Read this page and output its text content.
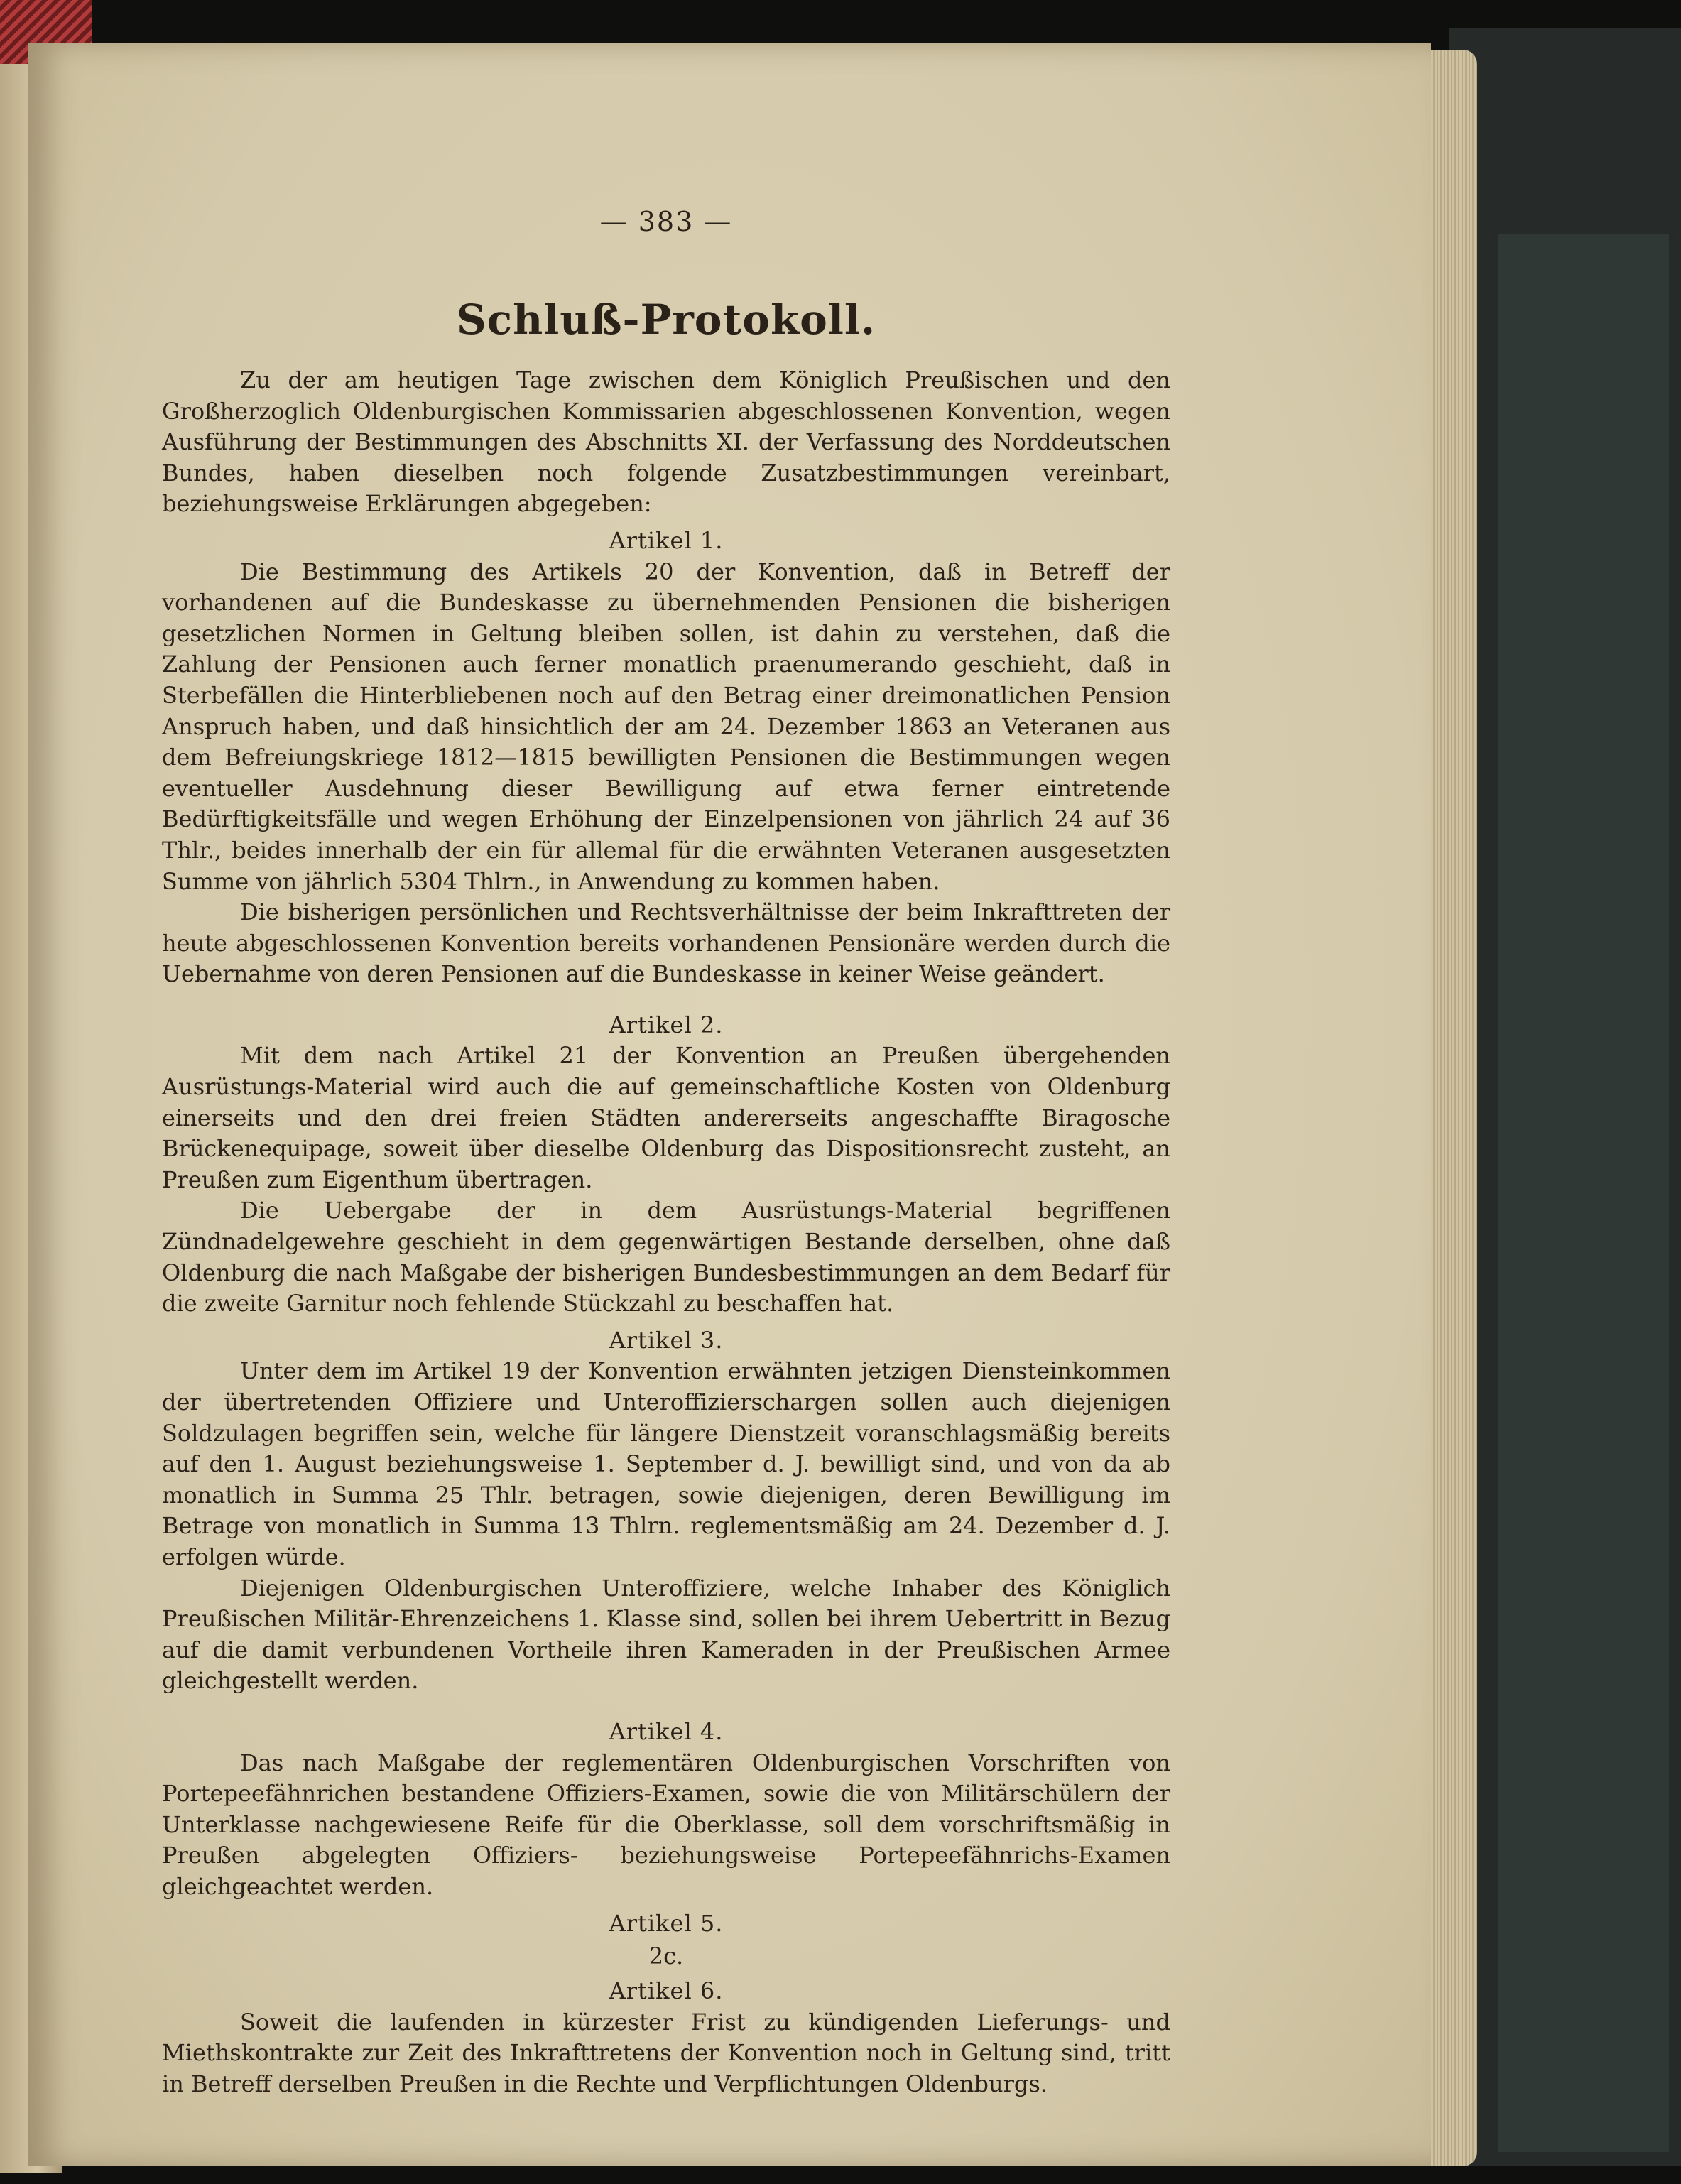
— 383 —
Schluß-Protokoll.

Zu der am heutigen Tage zwischen dem Königlich Preußischen und den Großherzoglich Oldenburgischen Kommissarien abgeschlossenen Konvention, wegen Ausführung der Bestimmungen des Abschnitts XI. der Verfassung des Norddeutschen Bundes, haben dieselben noch folgende Zusatzbestimmungen vereinbart, beziehungsweise Erklärungen abgegeben:

Artikel 1.

Die Bestimmung des Artikels 20 der Konvention, daß in Betreff der vorhandenen auf die Bundeskasse zu übernehmenden Pensionen die bisherigen gesetzlichen Normen in Geltung bleiben sollen, ist dahin zu verstehen, daß die Zahlung der Pensionen auch ferner monatlich praenumerando geschieht, daß in Sterbefällen die Hinterbliebenen noch auf den Betrag einer dreimonatlichen Pension Anspruch haben, und daß hinsichtlich der am 24. Dezember 1863 an Veteranen aus dem Befreiungskriege 1812—1815 bewilligten Pensionen die Bestimmungen wegen eventueller Ausdehnung dieser Bewilligung auf etwa ferner eintretende Bedürftigkeitsfälle und wegen Erhöhung der Einzelpensionen von jährlich 24 auf 36 Thlr., beides innerhalb der ein für allemal für die erwähnten Veteranen ausgesetzten Summe von jährlich 5304 Thlrn., in Anwendung zu kommen haben.

Die bisherigen persönlichen und Rechtsverhältnisse der beim Inkrafttreten der heute abgeschlossenen Konvention bereits vorhandenen Pensionäre werden durch die Uebernahme von deren Pensionen auf die Bundeskasse in keiner Weise geändert.

Artikel 2.

Mit dem nach Artikel 21 der Konvention an Preußen übergehenden Ausrüstungs-Material wird auch die auf gemeinschaftliche Kosten von Oldenburg einerseits und den drei freien Städten andererseits angeschaffte Biragosche Brückenequipage, soweit über dieselbe Oldenburg das Dispositionsrecht zusteht, an Preußen zum Eigenthum übertragen.

Die Uebergabe der in dem Ausrüstungs-Material begriffenen Zündnadelgewehre geschieht in dem gegenwärtigen Bestande derselben, ohne daß Oldenburg die nach Maßgabe der bisherigen Bundesbestimmungen an dem Bedarf für die zweite Garnitur noch fehlende Stückzahl zu beschaffen hat.

Artikel 3.

Unter dem im Artikel 19 der Konvention erwähnten jetzigen Diensteinkommen der übertretenden Offiziere und Unteroffizierschargen sollen auch diejenigen Soldzulagen begriffen sein, welche für längere Dienstzeit voranschlagsmäßig bereits auf den 1. August beziehungsweise 1. September d. J. bewilligt sind, und von da ab monatlich in Summa 25 Thlr. betragen, sowie diejenigen, deren Bewilligung im Betrage von monatlich in Summa 13 Thlrn. reglementsmäßig am 24. Dezember d. J. erfolgen würde.

Diejenigen Oldenburgischen Unteroffiziere, welche Inhaber des Königlich Preußischen Militär-Ehrenzeichens 1. Klasse sind, sollen bei ihrem Uebertritt in Bezug auf die damit verbundenen Vortheile ihren Kameraden in der Preußischen Armee gleichgestellt werden.

Artikel 4.

Das nach Maßgabe der reglementären Oldenburgischen Vorschriften von Portepeefähnrichen bestandene Offiziers-Examen, sowie die von Militärschülern der Unterklasse nachgewiesene Reife für die Oberklasse, soll dem vorschriftsmäßig in Preußen abgelegten Offiziers- beziehungsweise Portepeefähnrichs-Examen gleichgeachtet werden.

Artikel 5.
2c.
Artikel 6.

Soweit die laufenden in kürzester Frist zu kündigenden Lieferungs- und Miethskontrakte zur Zeit des Inkrafttretens der Konvention noch in Geltung sind, tritt in Betreff derselben Preußen in die Rechte und Verpflichtungen Oldenburgs.
